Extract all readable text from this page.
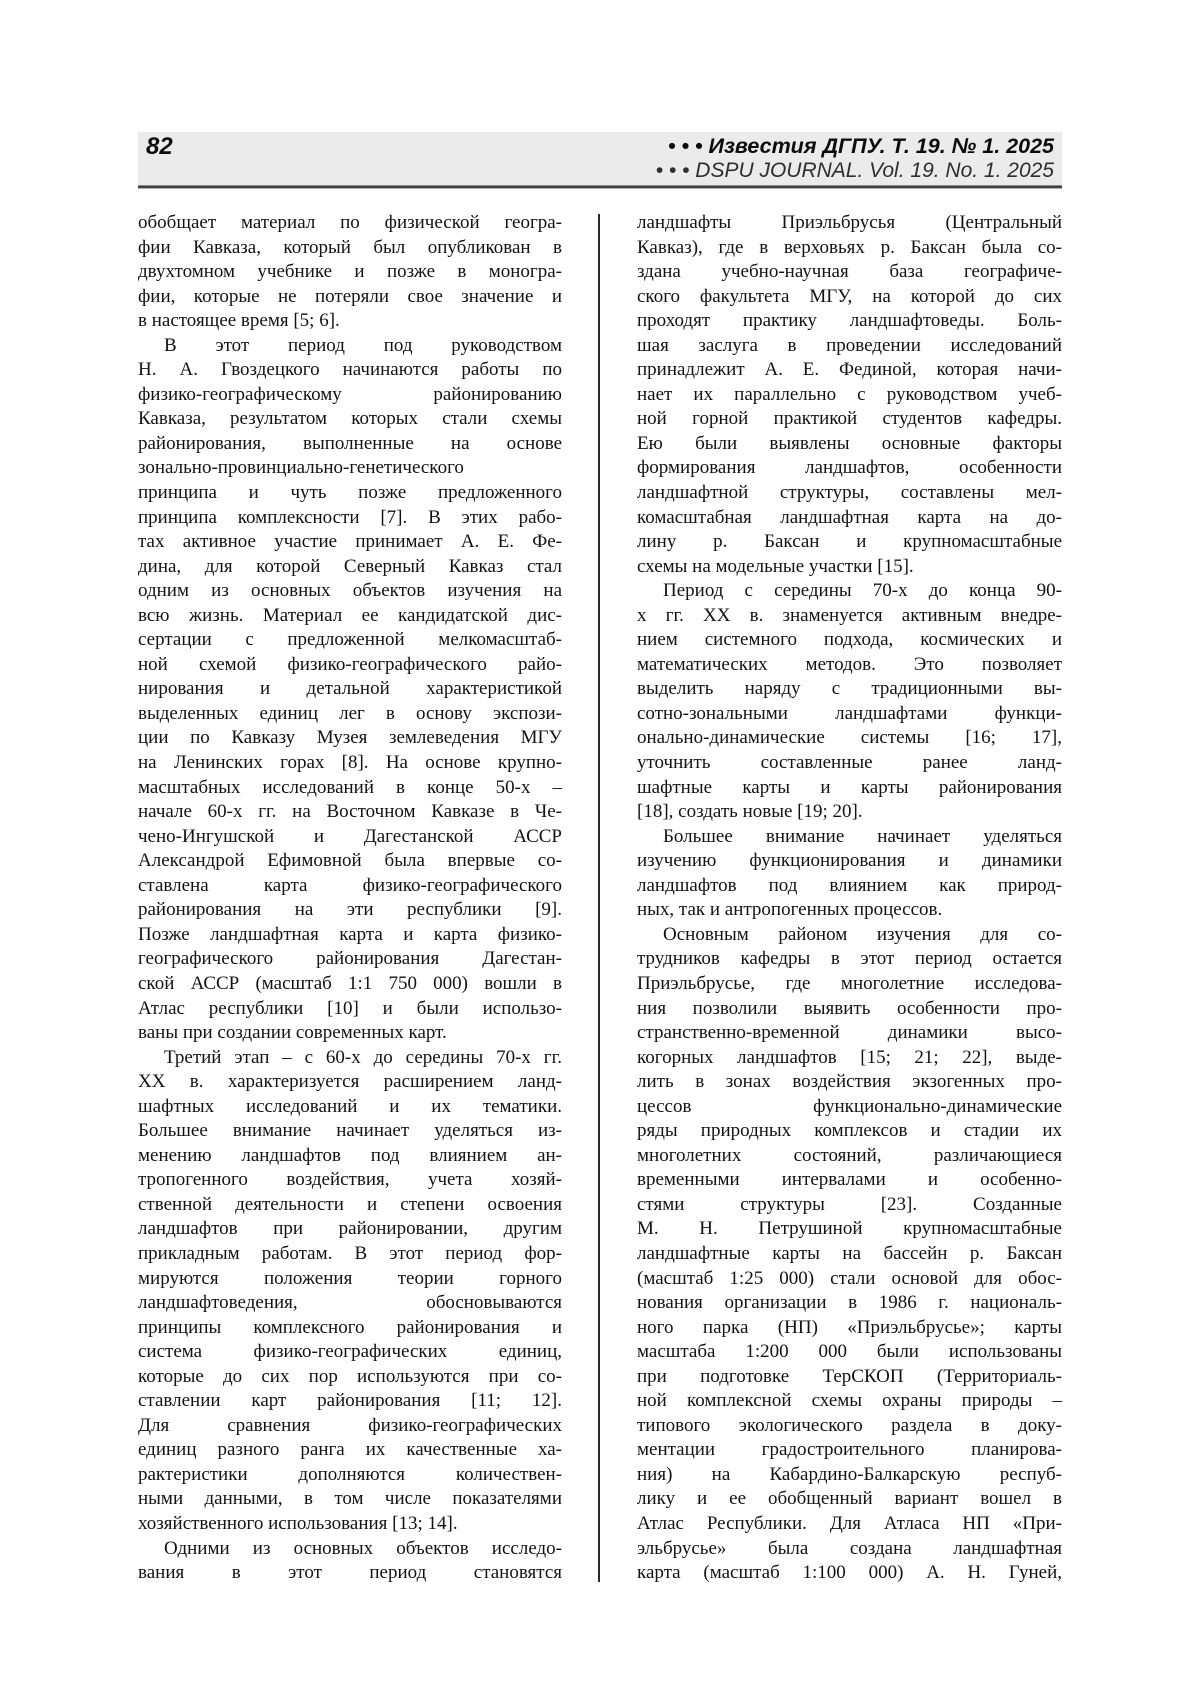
82	• • • Известия ДГПУ. Т. 19. № 1. 2025
• • • DSPU JOURNAL. Vol. 19. No. 1. 2025
обобщает материал по физической геогра-
фии Кавказа, который был опубликован в
двухтомном учебнике и позже в моногра-
фии, которые не потеряли свое значение и
в настоящее время [5; 6].
В этот период под руководством
Н. А. Гвоздецкого начинаются работы по
физико-географическому районированию
Кавказа, результатом которых стали схемы
районирования, выполненные на основе
зонально-провинциально-генетического
принципа и чуть позже предложенного
принципа комплексности [7]. В этих рабо-
тах активное участие принимает А. Е. Фе-
дина, для которой Северный Кавказ стал
одним из основных объектов изучения на
всю жизнь. Материал ее кандидатской дис-
сертации с предложенной мелкомасштаб-
ной схемой физико-географического райо-
нирования и детальной характеристикой
выделенных единиц лег в основу экспози-
ции по Кавказу Музея землеведения МГУ
на Ленинских горах [8]. На основе крупно-
масштабных исследований в конце 50-х –
начале 60-х гг. на Восточном Кавказе в Че-
чено-Ингушской и Дагестанской АССР
Александрой Ефимовной была впервые со-
ставлена карта физико-географического
районирования на эти республики [9].
Позже ландшафтная карта и карта физико-
географического районирования Дагестан-
ской АССР (масштаб 1:1 750 000) вошли в
Атлас республики [10] и были использо-
ваны при создании современных карт.
Третий этап – с 60-х до середины 70-х гг.
ХХ в. характеризуется расширением ланд-
шафтных исследований и их тематики.
Большее внимание начинает уделяться из-
менению ландшафтов под влиянием ан-
тропогенного воздействия, учета хозяй-
ственной деятельности и степени освоения
ландшафтов при районировании, другим
прикладным работам. В этот период фор-
мируются положения теории горного
ландшафтоведения, обосновываются
принципы комплексного районирования и
система физико-географических единиц,
которые до сих пор используются при со-
ставлении карт районирования [11; 12].
Для сравнения физико-географических
единиц разного ранга их качественные ха-
рактеристики дополняются количествен-
ными данными, в том числе показателями
хозяйственного использования [13; 14].
Одними из основных объектов исследо-
вания в этот период становятся
ландшафты Приэльбрусья (Центральный
Кавказ), где в верховьях р. Баксан была со-
здана учебно-научная база географиче-
ского факультета МГУ, на которой до сих
проходят практику ландшафтоведы. Боль-
шая заслуга в проведении исследований
принадлежит А. Е. Фединой, которая начи-
нает их параллельно с руководством учеб-
ной горной практикой студентов кафедры.
Ею были выявлены основные факторы
формирования ландшафтов, особенности
ландшафтной структуры, составлены мел-
комасштабная ландшафтная карта на до-
лину р. Баксан и крупномасштабные
схемы на модельные участки [15].
Период с середины 70-х до конца 90-
х гг. ХХ в. знаменуется активным внедре-
нием системного подхода, космических и
математических методов. Это позволяет
выделить наряду с традиционными вы-
сотно-зональными ландшафтами функци-
онально-динамические системы [16; 17],
уточнить составленные ранее ланд-
шафтные карты и карты районирования
[18], создать новые [19; 20].
Большее внимание начинает уделяться
изучению функционирования и динамики
ландшафтов под влиянием как природ-
ных, так и антропогенных процессов.
Основным районом изучения для со-
трудников кафедры в этот период остается
Приэльбрусье, где многолетние исследова-
ния позволили выявить особенности про-
странственно-временной динамики высо-
когорных ландшафтов [15; 21; 22], выде-
лить в зонах воздействия экзогенных про-
цессов функционально-динамические
ряды природных комплексов и стадии их
многолетних состояний, различающиеся
временными интервалами и особенно-
стями структуры [23]. Созданные
М. Н. Петрушиной крупномасштабные
ландшафтные карты на бассейн р. Баксан
(масштаб 1:25 000) стали основой для обос-
нования организации в 1986 г. националь-
ного парка (НП) «Приэльбрусье»; карты
масштаба 1:200 000 были использованы
при подготовке ТерСКОП (Территориаль-
ной комплексной схемы охраны природы –
типового экологического раздела в доку-
ментации градостроительного планирова-
ния) на Кабардино-Балкарскую респуб-
лику и ее обобщенный вариант вошел в
Атлас Республики. Для Атласа НП «При-
эльбрусье» была создана ландшафтная
карта (масштаб 1:100 000) А. Н. Гуней,
